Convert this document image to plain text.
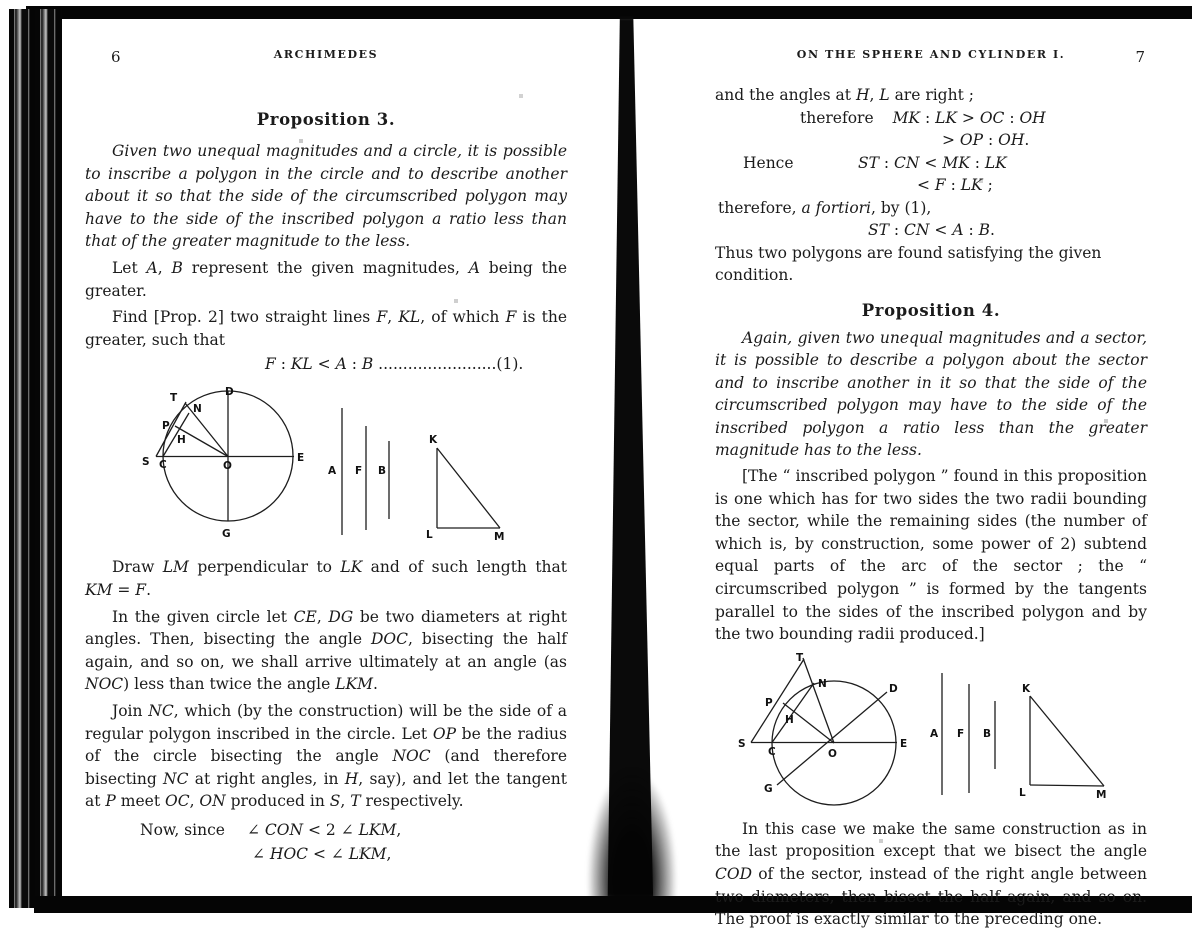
6	ARCHIMEDES

Proposition 3.

Given two unequal magnitudes and a circle, it is possible to inscribe a polygon in the circle and to describe another about it so that the side of the circumscribed polygon may have to the side of the inscribed polygon a ratio less than that of the greater magnitude to the less.

Let A, B represent the given magnitudes, A being the greater.

Find [Prop. 2] two straight lines F, KL, of which F is the greater, such that

F : KL < A : B ........................(1).
D
G
E
S C	O
T
N
P
H
A F B
K
L	M

Draw LM perpendicular to LK and of such length that KM = F.

In the given circle let CE, DG be two diameters at right angles. Then, bisecting the angle DOC, bisecting the half again, and so on, we shall arrive ultimately at an angle (as NOC) less than twice the angle LKM.

Join NC, which (by the construction) will be the side of a regular polygon inscribed in the circle. Let OP be the radius of the circle bisecting the angle NOC (and therefore bisecting NC at right angles, in H, say), and let the tangent at P meet OC, ON produced in S, T respectively.

Now, since ∠ CON < 2 ∠ LKM,
∠ HOC < ∠ LKM,
ON THE SPHERE AND CYLINDER I.	7
and the angles at H, L are right ;
therefore MK : LK > OC : OH
> OP : OH.
Hence	ST : CN < MK : LK
< F : LK ;
therefore, a fortiori, by (1),
ST : CN < A : B.
Thus two polygons are found satisfying the given condition.

Proposition 4.

Again, given two unequal magnitudes and a sector, it is possible to describe a polygon about the sector and to inscribe another in it so that the side of the circumscribed polygon may have to the side of the inscribed polygon a ratio less than the greater magnitude has to the less.

[The “ inscribed polygon ” found in this proposition is one which has for two sides the two radii bounding the sector, while the remaining sides (the number of which is, by construction, some power of 2) subtend equal parts of the arc of the sector ; the “ circumscribed polygon ” is formed by the tangents parallel to the sides of the inscribed polygon and by the two bounding radii produced.]

T
N
P
H
S
C	O
E
D
G
A F B
K
L	M

In this case we make the same construction as in the last proposition except that we bisect the angle COD of the sector, instead of the right angle between two diameters, then bisect the half again, and so on. The proof is exactly similar to the preceding one.
